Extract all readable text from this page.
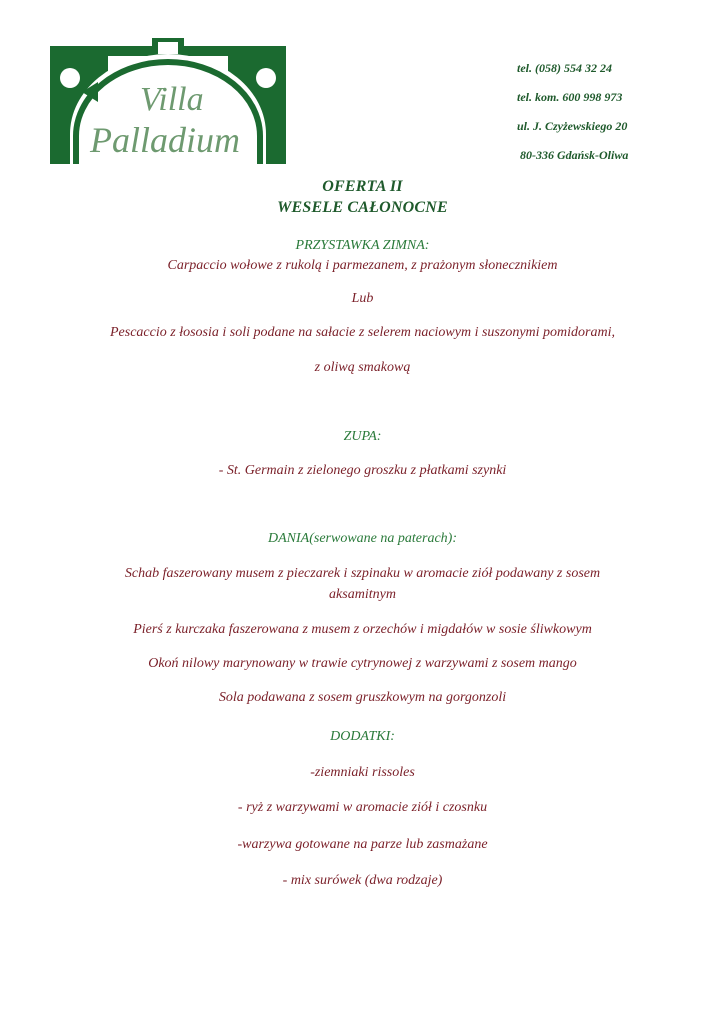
Villa
Palladium
tel. (058) 554 32 24
tel. kom. 600 998 973
ul. J. Czyżewskiego 20
80-336 Gdańsk-Oliwa
OFERTA II
WESELE CAŁONOCNE
PRZYSTAWKA ZIMNA:
Carpaccio wołowe z rukolą i parmezanem, z prażonym słonecznikiem
Lub
Pescaccio z łososia i soli podane na sałacie z selerem naciowym i suszonymi pomidorami,
z oliwą smakową
ZUPA:
- St. Germain z zielonego groszku z płatkami szynki
DANIA(serwowane na paterach):
Schab faszerowany musem z pieczarek i szpinaku w aromacie ziół podawany z sosem
aksamitnym
Pierś z kurczaka faszerowana z musem z orzechów i migdałów w sosie śliwkowym
Okoń nilowy marynowany w trawie cytrynowej z warzywami z sosem mango
Sola podawana z sosem gruszkowym na gorgonzoli
DODATKI:
-ziemniaki rissoles
- ryż z warzywami w aromacie ziół i czosnku
-warzywa gotowane na parze lub zasmażane
- mix surówek (dwa rodzaje)
